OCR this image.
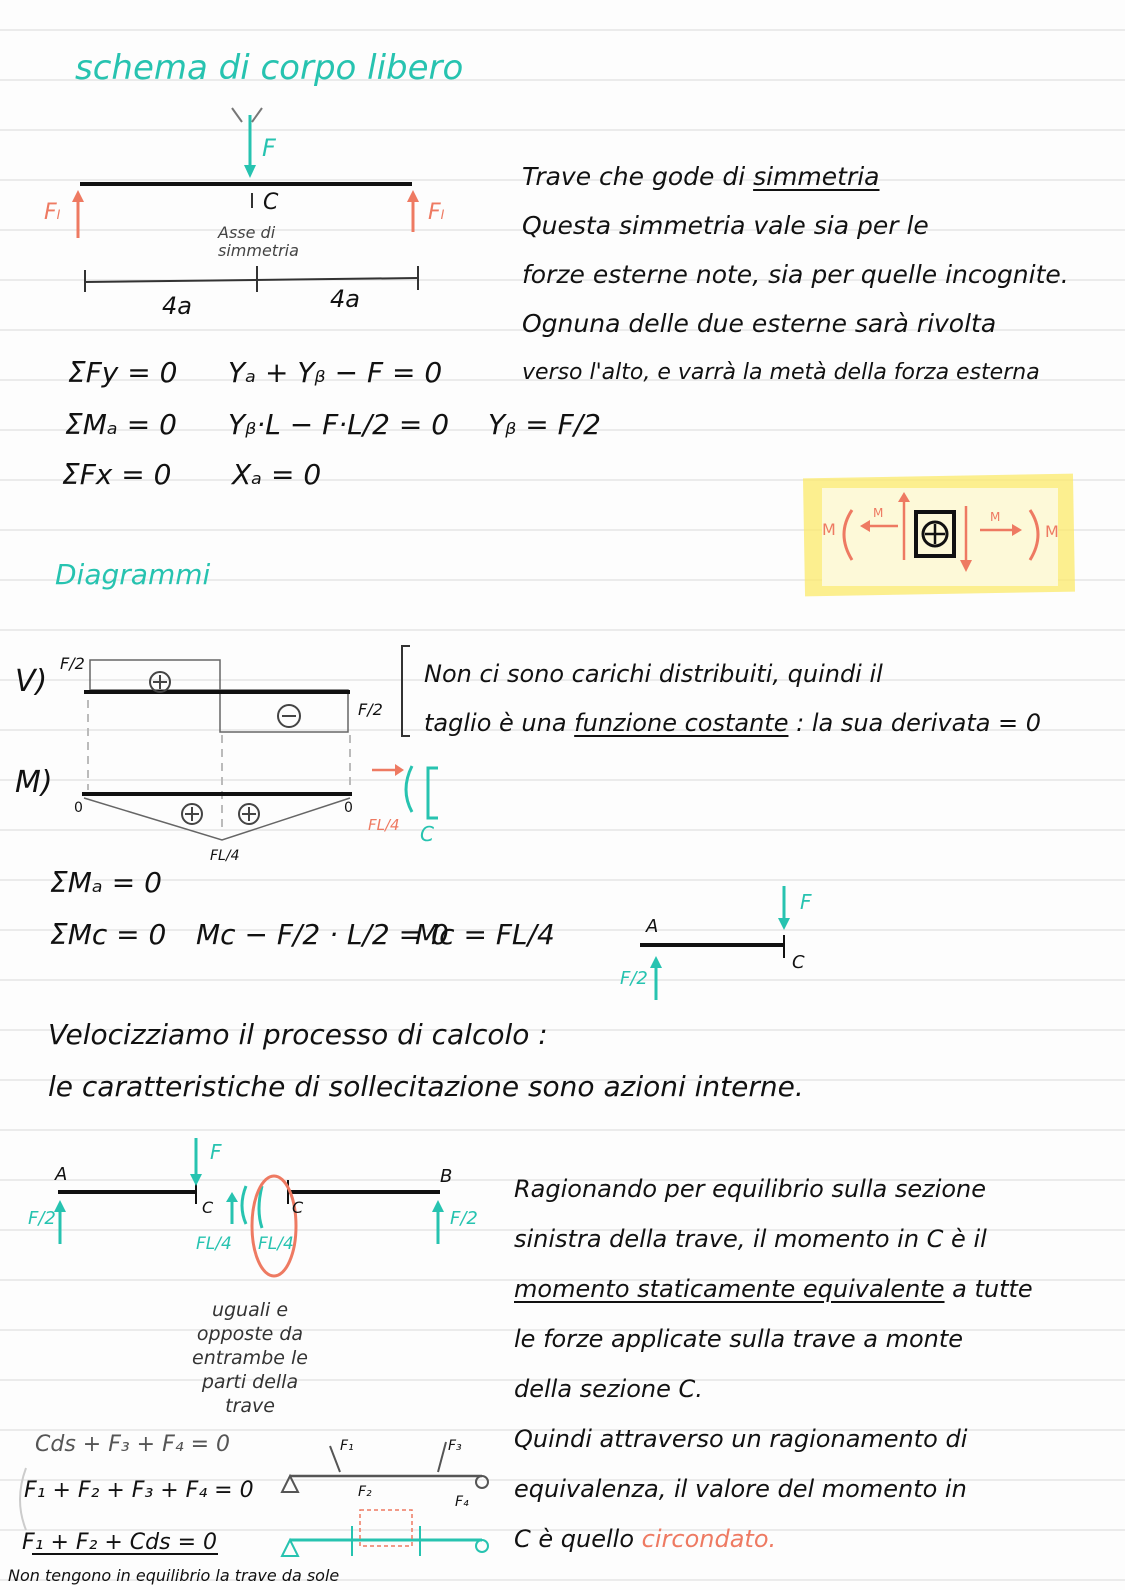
schema di corpo libero
F
C
Asse di simmetria
Fₗ	Fₗ
4a	4a
Trave che gode di simmetria
Questa simmetria vale sia per le
forze esterne note, sia per quelle incognite.
Ognuna delle due esterne sarà rivolta
verso l'alto, e varrà la metà della forza esterna
ΣFy = 0 Yₐ + Yᵦ − F = 0
ΣMₐ = 0 Yᵦ·L − F·L/2 = 0 Yᵦ = F/2
ΣFx = 0 Xₐ = 0
M
M	M
M
Diagrammi
V)
F/2
F/2
M)
0	0
FL/4
FL/4 C
Non ci sono carichi distribuiti, quindi il
taglio è una funzione costante : la sua derivata = 0
ΣMₐ = 0
ΣMc = 0 Mc − F/2 · L/2 = 0
Mc = FL/4	A
C
F
F/2
Velocizziamo il processo di calcolo :
le caratteristiche di sollecitazione sono azioni interne.
A	B
C	C
F
F/2	F/2
FL/4 FL/4
uguali e
opposte da
entrambe le
parti della
trave
Ragionando per equilibrio sulla sezione
sinistra della trave, il momento in C è il
momento staticamente equivalente a tutte
le forze applicate sulla trave a monte
della sezione C.
Quindi attraverso un ragionamento di
equivalenza, il valore del momento in
C è quello circondato.
Cds + F₃ + F₄ = 0
F₁ + F₂ + F₃ + F₄ = 0
F₁ + F₂ + Cds = 0
Non tengono in equilibrio la trave da sole
F₁
F₂
F₃
F₄
